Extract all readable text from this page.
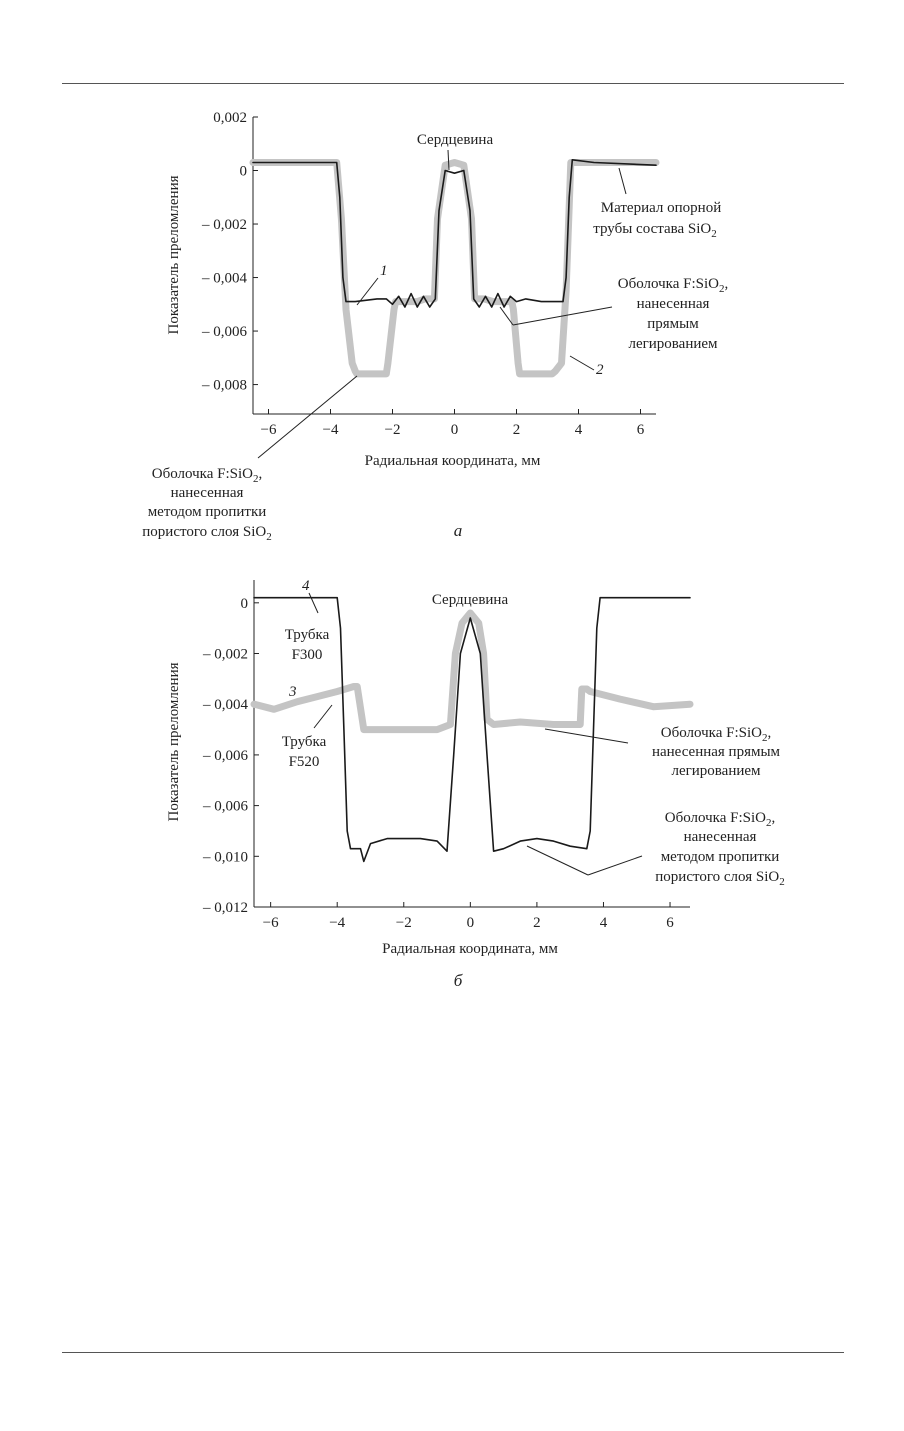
0,002
0
– 0,002
– 0,004
– 0,006
– 0,008
−6	−4	−2	0	2	4	6
Радиальная координата, мм
Показатель преломления
а
1
2
Сердцевина
Материал опорной
трубы состава SiO$_2$
Оболочка F:SiO$_2$,
нанесенная
прямым
легированием
Оболочка F:SiO$_2$,
нанесенная
методом пропитки
пористого слоя SiO$_2$
0
– 0,002
– 0,004
– 0,006
– 0,006
– 0,010
– 0,012
−6	−4	−2	0	2	4	6
Радиальная координата, мм
Показатель преломления
б
4
3
Сердцевина
Трубка
F300
Трубка
F520
Оболочка F:SiO$_2$,
нанесенная прямым
легированием
Оболочка F:SiO$_2$,
нанесенная
методом пропитки
пористого слоя SiO$_2$
